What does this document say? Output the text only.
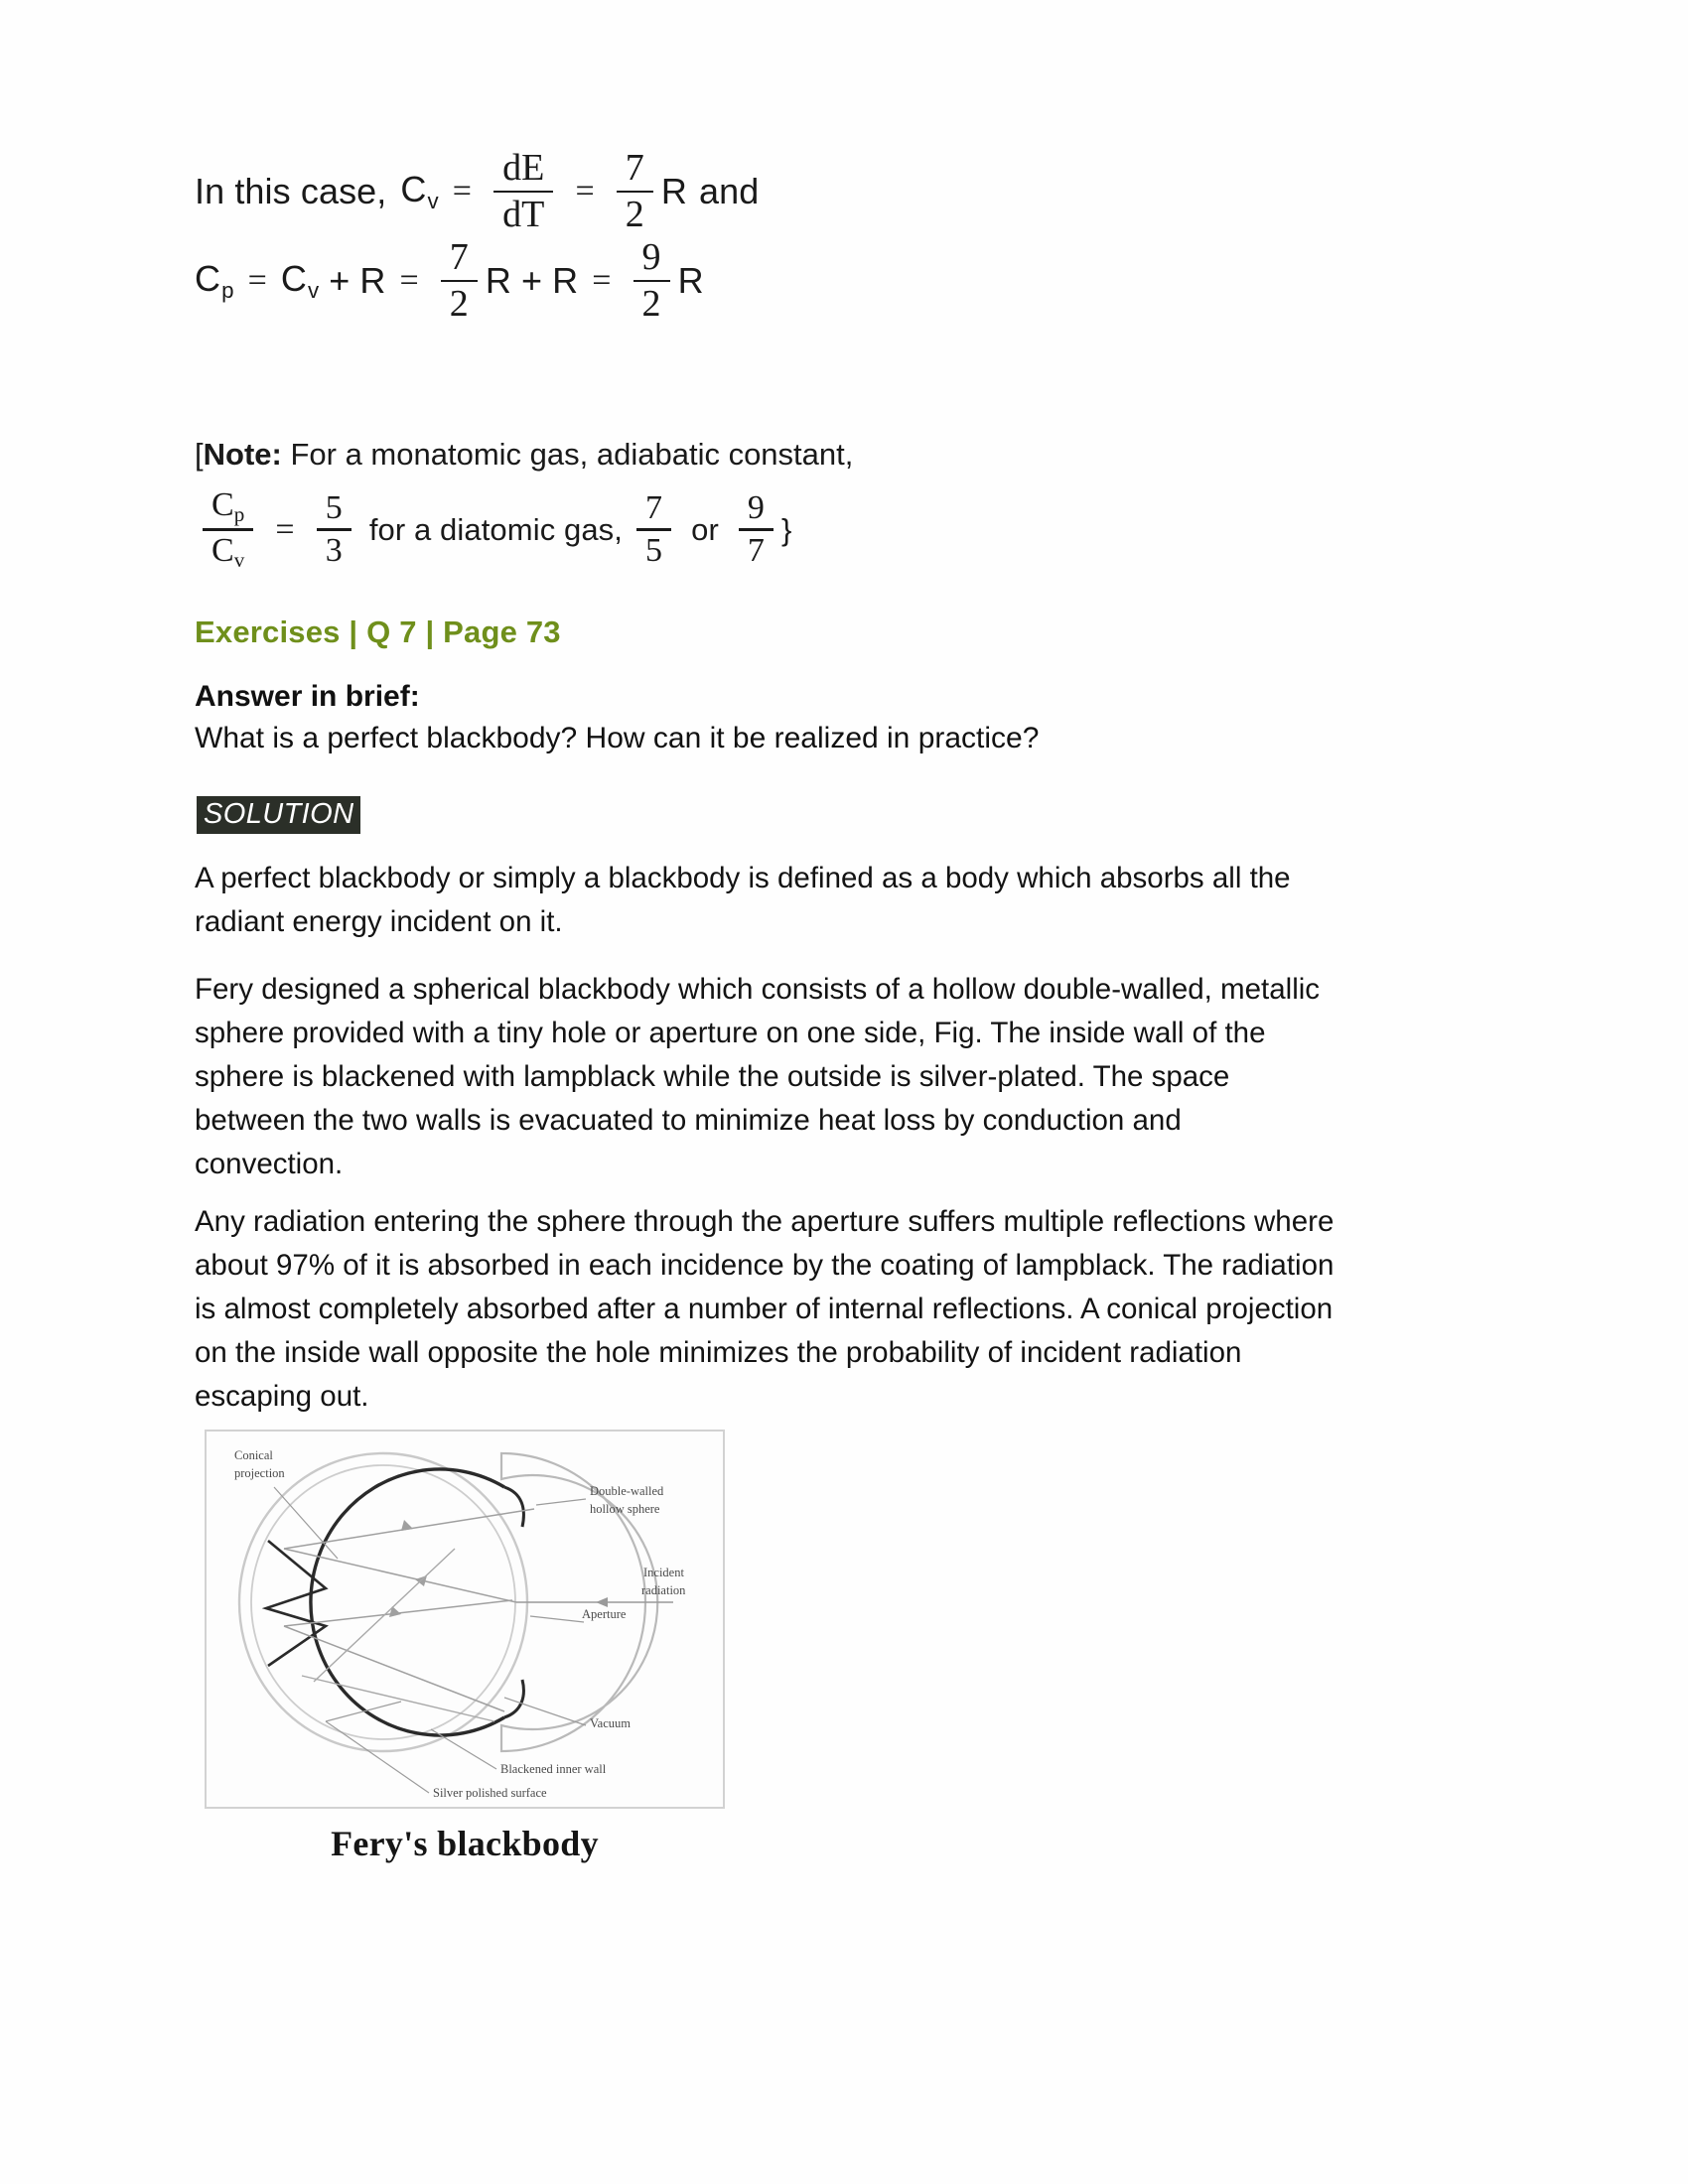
In this case, $C_v = \frac{dE}{dT} = \frac{7}{2}$ R and
$C_p = C_v + R = \frac{7}{2}$ $R + R = \frac{9}{2}$ R
[Note: For a monatomic gas, adiabatic constant,
$\frac{C_p}{C_v} = \frac{5}{3}$ for a diatomic gas, $\frac{7}{5}$ or $\frac{9}{7}$ }
Exercises | Q 7 | Page 73
Answer in brief:
What is a perfect blackbody? How can it be realized in practice?
SOLUTION
A perfect blackbody or simply a blackbody is defined as a body which absorbs all the
radiant energy incident on it.
Fery designed a spherical blackbody which consists of a hollow double-walled, metallic
sphere provided with a tiny hole or aperture on one side, Fig. The inside wall of the
sphere is blackened with lampblack while the outside is silver-plated. The space
between the two walls is evacuated to minimize heat loss by conduction and
convection.
Any radiation entering the sphere through the aperture suffers multiple reflections where
about 97% of it is absorbed in each incidence by the coating of lampblack. The radiation
is almost completely absorbed after a number of internal reflections. A conical projection
on the inside wall opposite the hole minimizes the probability of incident radiation
escaping out.
Conical
projection
Double-walled
hollow sphere
Incident
radiation
Aperture
Vacuum
Blackened inner wall
Silver polished surface
Fery's blackbody
